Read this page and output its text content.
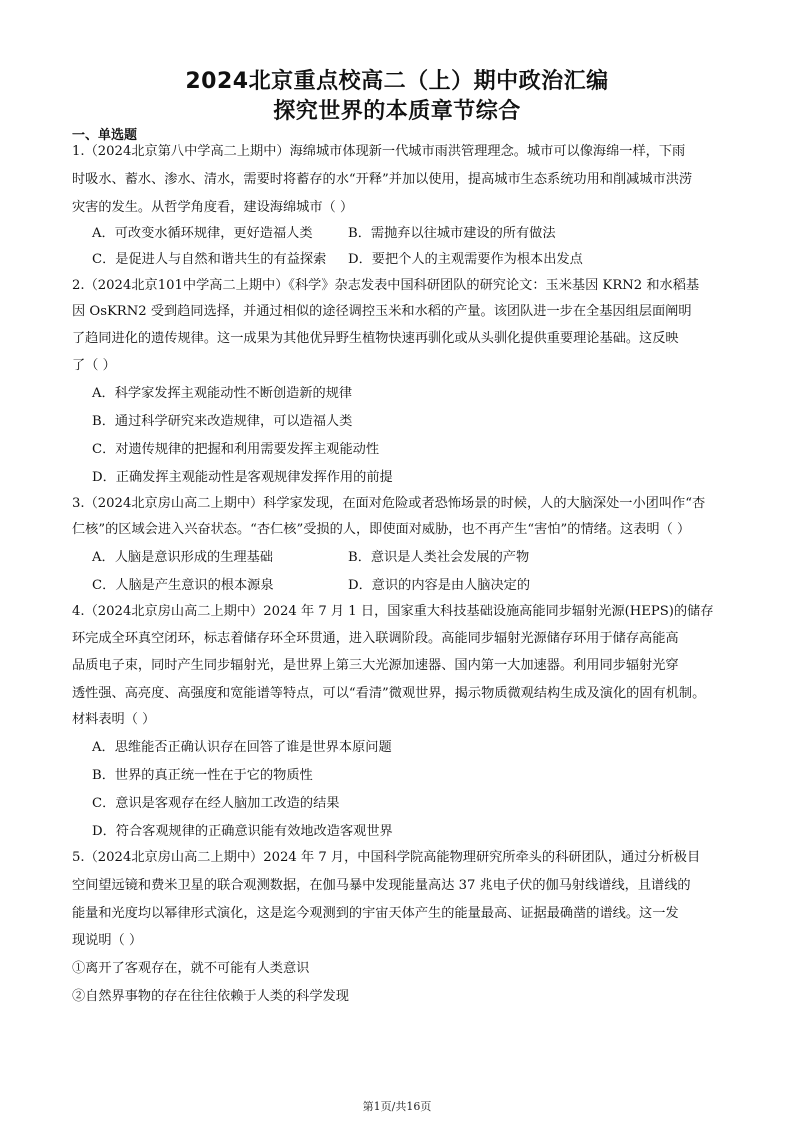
2024北京重点校高二（上）期中政治汇编
探究世界的本质章节综合
一、单选题
1.（2024北京第八中学高二上期中）海绵城市体现新一代城市雨洪管理理念。城市可以像海绵一样，下雨
时吸水、蓄水、渗水、清水，需要时将蓄存的水“开释”并加以使用，提高城市生态系统功用和削减城市洪涝
灾害的发生。从哲学角度看，建设海绵城市（ ）
A．可改变水循环规律，更好造福人类	B．需抛弃以往城市建设的所有做法
C．是促进人与自然和谐共生的有益探索 D．要把个人的主观需要作为根本出发点
2.（2024北京101中学高二上期中）《科学》杂志发表中国科研团队的研究论文：玉米基因 KRN2 和水稻基
因 OsKRN2 受到趋同选择，并通过相似的途径调控玉米和水稻的产量。该团队进一步在全基因组层面阐明
了趋同进化的遗传规律。这一成果为其他优异野生植物快速再驯化或从头驯化提供重要理论基础。这反映
了（ ）
A．科学家发挥主观能动性不断创造新的规律
B．通过科学研究来改造规律，可以造福人类
C．对遗传规律的把握和利用需要发挥主观能动性
D．正确发挥主观能动性是客观规律发挥作用的前提
3.（2024北京房山高二上期中）科学家发现，在面对危险或者恐怖场景的时候，人的大脑深处一小团叫作“杏
仁核”的区域会进入兴奋状态。“杏仁核”受损的人，即使面对威胁，也不再产生“害怕”的情绪。这表明（ ）
A．人脑是意识形成的生理基础	B．意识是人类社会发展的产物
C．人脑是产生意识的根本源泉	D．意识的内容是由人脑决定的
4.（2024北京房山高二上期中）2024 年 7 月 1 日，国家重大科技基础设施高能同步辐射光源(HEPS)的储存
环完成全环真空闭环，标志着储存环全环贯通，进入联调阶段。高能同步辐射光源储存环用于储存高能高
品质电子束，同时产生同步辐射光，是世界上第三大光源加速器、国内第一大加速器。利用同步辐射光穿
透性强、高亮度、高强度和宽能谱等特点，可以“看清”微观世界，揭示物质微观结构生成及演化的固有机制。
材料表明（ ）
A．思维能否正确认识存在回答了谁是世界本原问题
B．世界的真正统一性在于它的物质性
C．意识是客观存在经人脑加工改造的结果
D．符合客观规律的正确意识能有效地改造客观世界
5.（2024北京房山高二上期中）2024 年 7 月，中国科学院高能物理研究所牵头的科研团队，通过分析极目
空间望远镜和费米卫星的联合观测数据，在伽马暴中发现能量高达 37 兆电子伏的伽马射线谱线，且谱线的
能量和光度均以幂律形式演化，这是迄今观测到的宇宙天体产生的能量最高、证据最确凿的谱线。这一发
现说明（ ）
①离开了客观存在，就不可能有人类意识
②自然界事物的存在往往依赖于人类的科学发现
第1页/共16页
